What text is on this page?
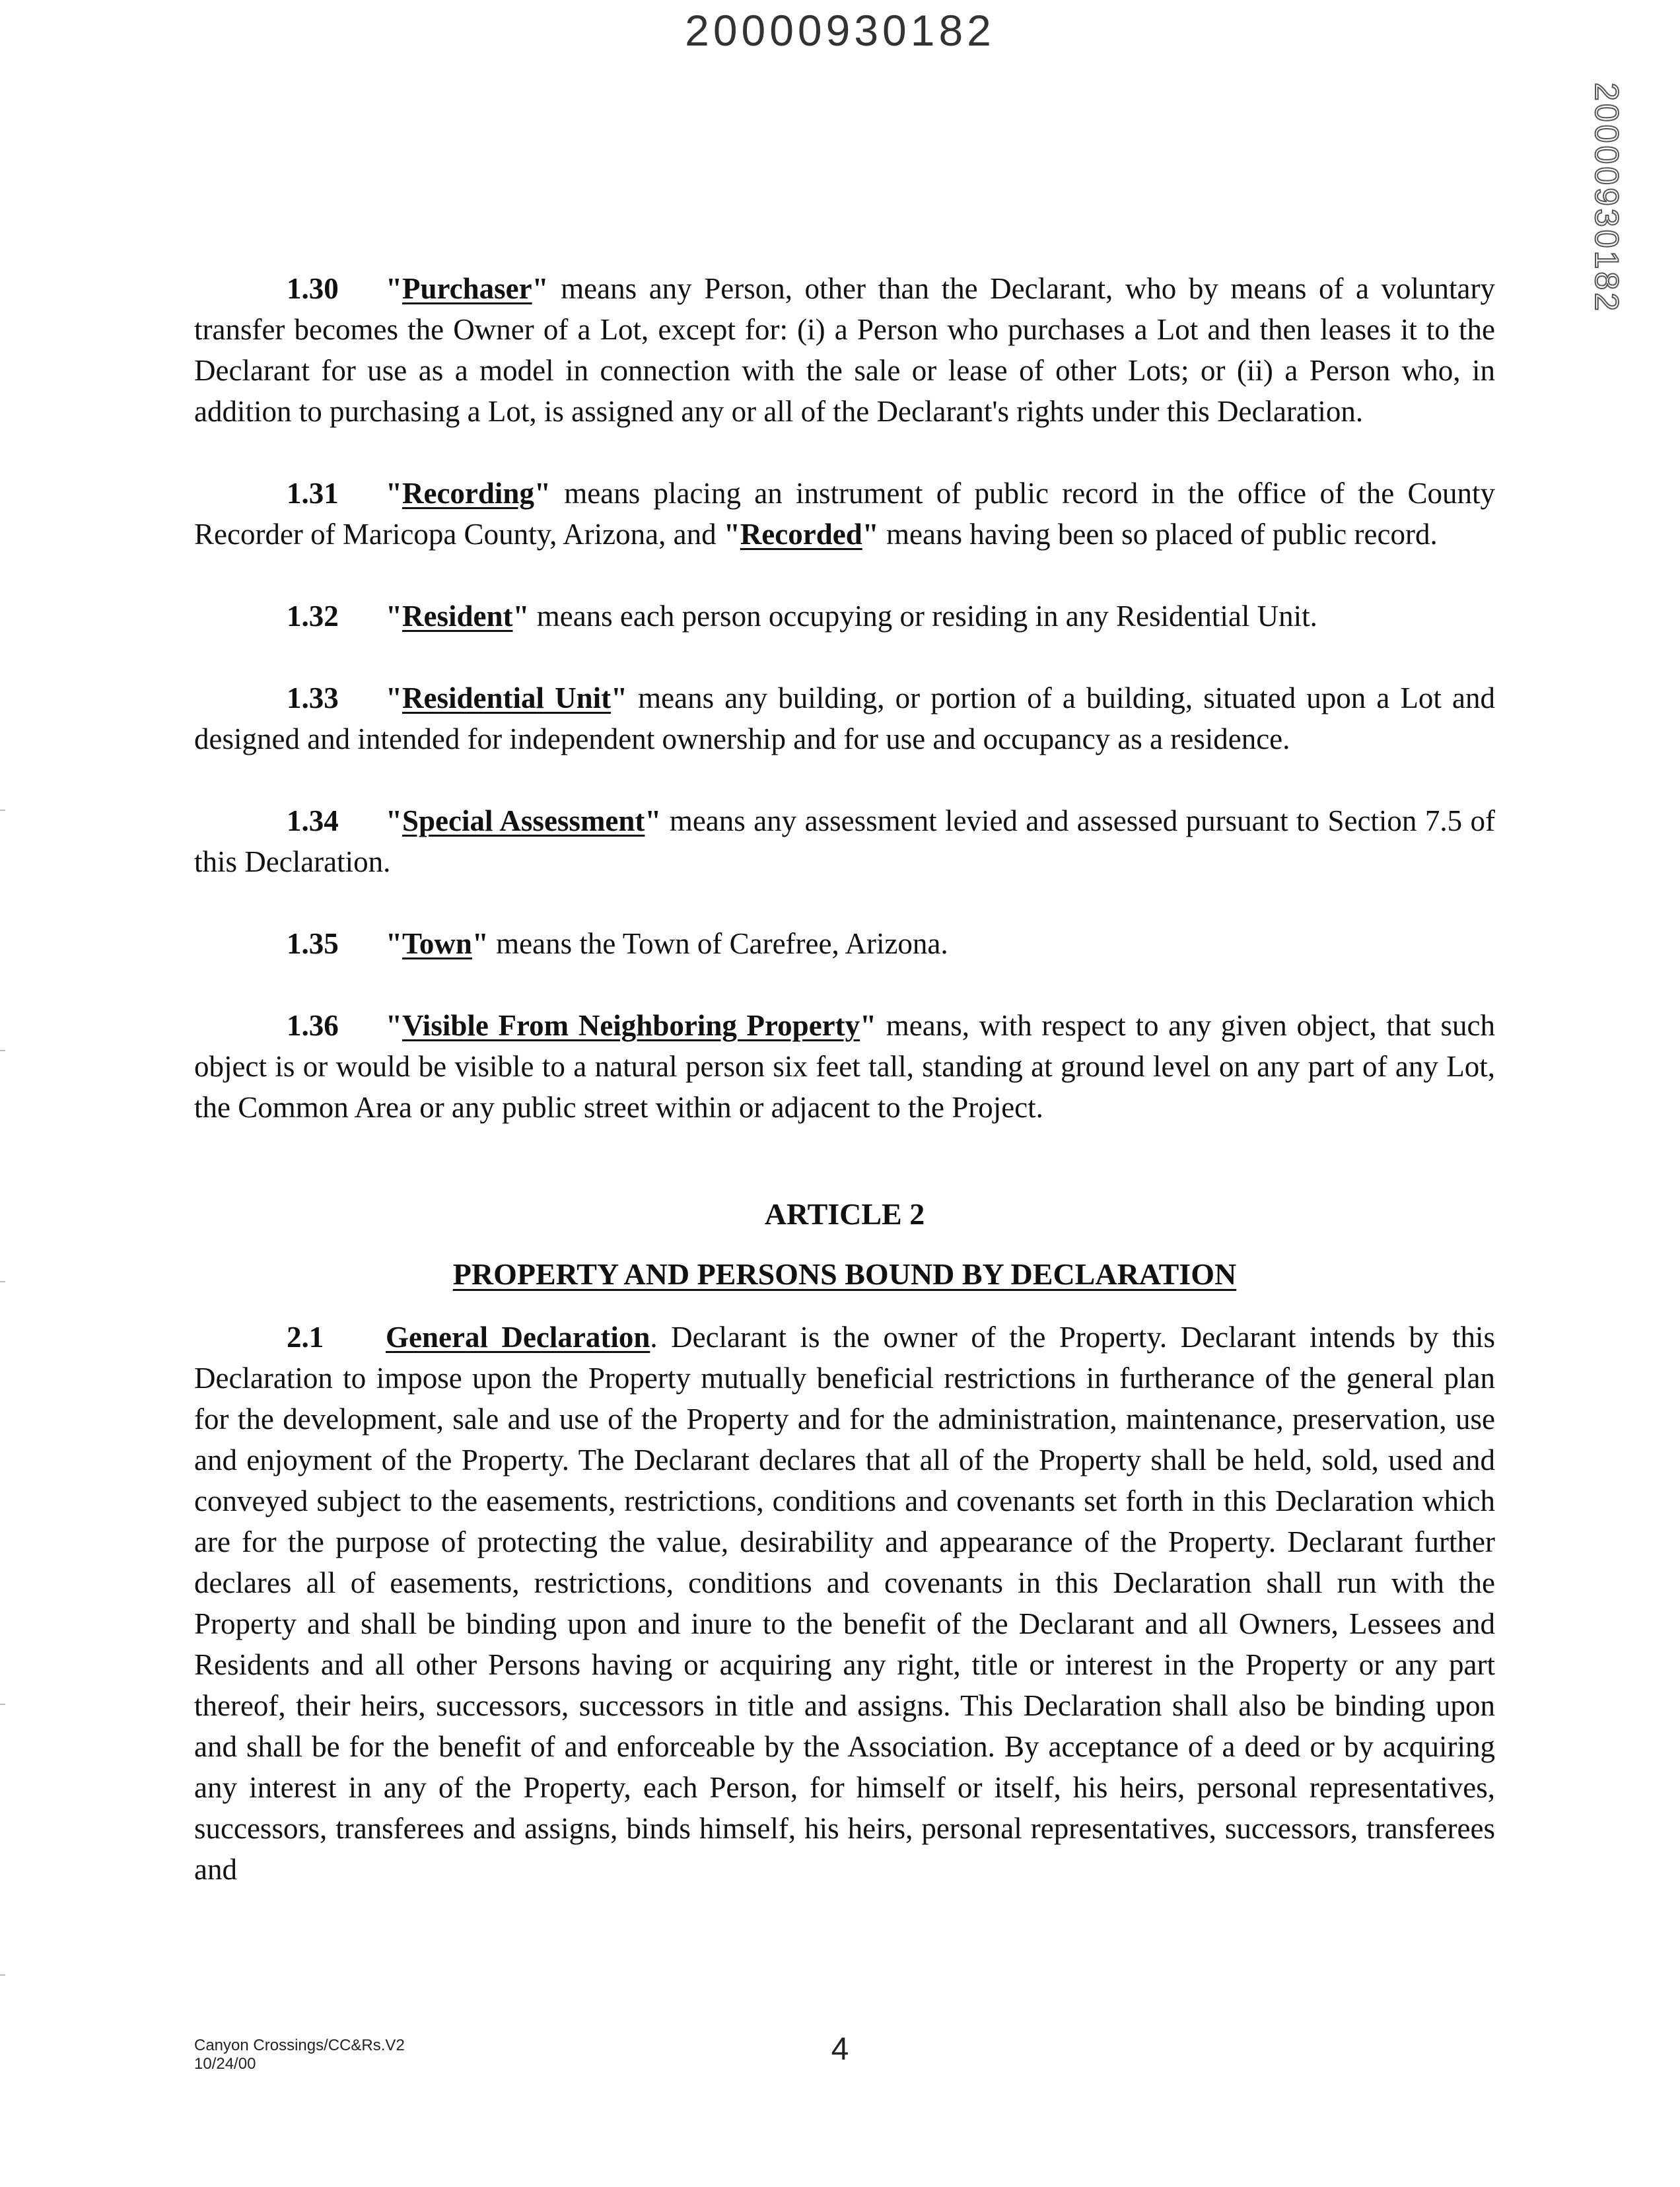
20000930182
20000930182

1.30 "Purchaser" means any Person, other than the Declarant, who by means of a voluntary transfer becomes the Owner of a Lot, except for: (i) a Person who purchases a Lot and then leases it to the Declarant for use as a model in connection with the sale or lease of other Lots; or (ii) a Person who, in addition to purchasing a Lot, is assigned any or all of the Declarant's rights under this Declaration.

1.31 "Recording" means placing an instrument of public record in the office of the County Recorder of Maricopa County, Arizona, and "Recorded" means having been so placed of public record.

1.32 "Resident" means each person occupying or residing in any Residential Unit.

1.33 "Residential Unit" means any building, or portion of a building, situated upon a Lot and designed and intended for independent ownership and for use and occupancy as a residence.

1.34 "Special Assessment" means any assessment levied and assessed pursuant to Section 7.5 of this Declaration.

1.35 "Town" means the Town of Carefree, Arizona.

1.36 "Visible From Neighboring Property" means, with respect to any given object, that such object is or would be visible to a natural person six feet tall, standing at ground level on any part of any Lot, the Common Area or any public street within or adjacent to the Project.

ARTICLE 2
PROPERTY AND PERSONS BOUND BY DECLARATION

2.1 General Declaration. Declarant is the owner of the Property. Declarant intends by this Declaration to impose upon the Property mutually beneficial restrictions in furtherance of the general plan for the development, sale and use of the Property and for the administration, maintenance, preservation, use and enjoyment of the Property. The Declarant declares that all of the Property shall be held, sold, used and conveyed subject to the easements, restrictions, conditions and covenants set forth in this Declaration which are for the purpose of protecting the value, desirability and appearance of the Property. Declarant further declares all of easements, restrictions, conditions and covenants in this Declaration shall run with the Property and shall be binding upon and inure to the benefit of the Declarant and all Owners, Lessees and Residents and all other Persons having or acquiring any right, title or interest in the Property or any part thereof, their heirs, successors, successors in title and assigns. This Declaration shall also be binding upon and shall be for the benefit of and enforceable by the Association. By acceptance of a deed or by acquiring any interest in any of the Property, each Person, for himself or itself, his heirs, personal representatives, successors, transferees and assigns, binds himself, his heirs, personal representatives, successors, transferees and

Canyon Crossings/CC&Rs.V2
10/24/00	4
